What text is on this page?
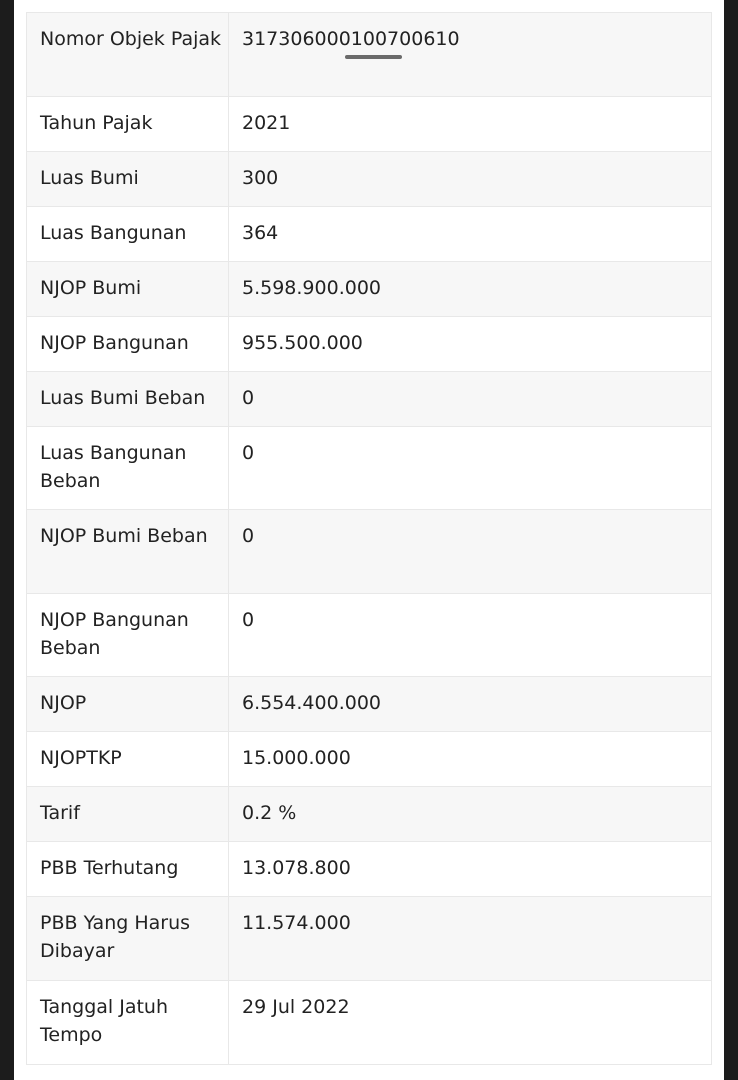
Nomor Objek Pajak	317306000100700610

Tahun Pajak	2021
Luas Bumi	300
Luas Bangunan	364
NJOP Bumi	5.598.900.000
NJOP Bangunan	955.500.000
Luas Bumi Beban	0
Luas Bangunan Beban	0
NJOP Bumi Beban	0
NJOP Bangunan Beban	0
NJOP	6.554.400.000
NJOPTKP	15.000.000
Tarif	0.2 %
PBB Terhutang	13.078.800
PBB Yang Harus Dibayar	11.574.000
Tanggal Jatuh Tempo	29 Jul 2022
